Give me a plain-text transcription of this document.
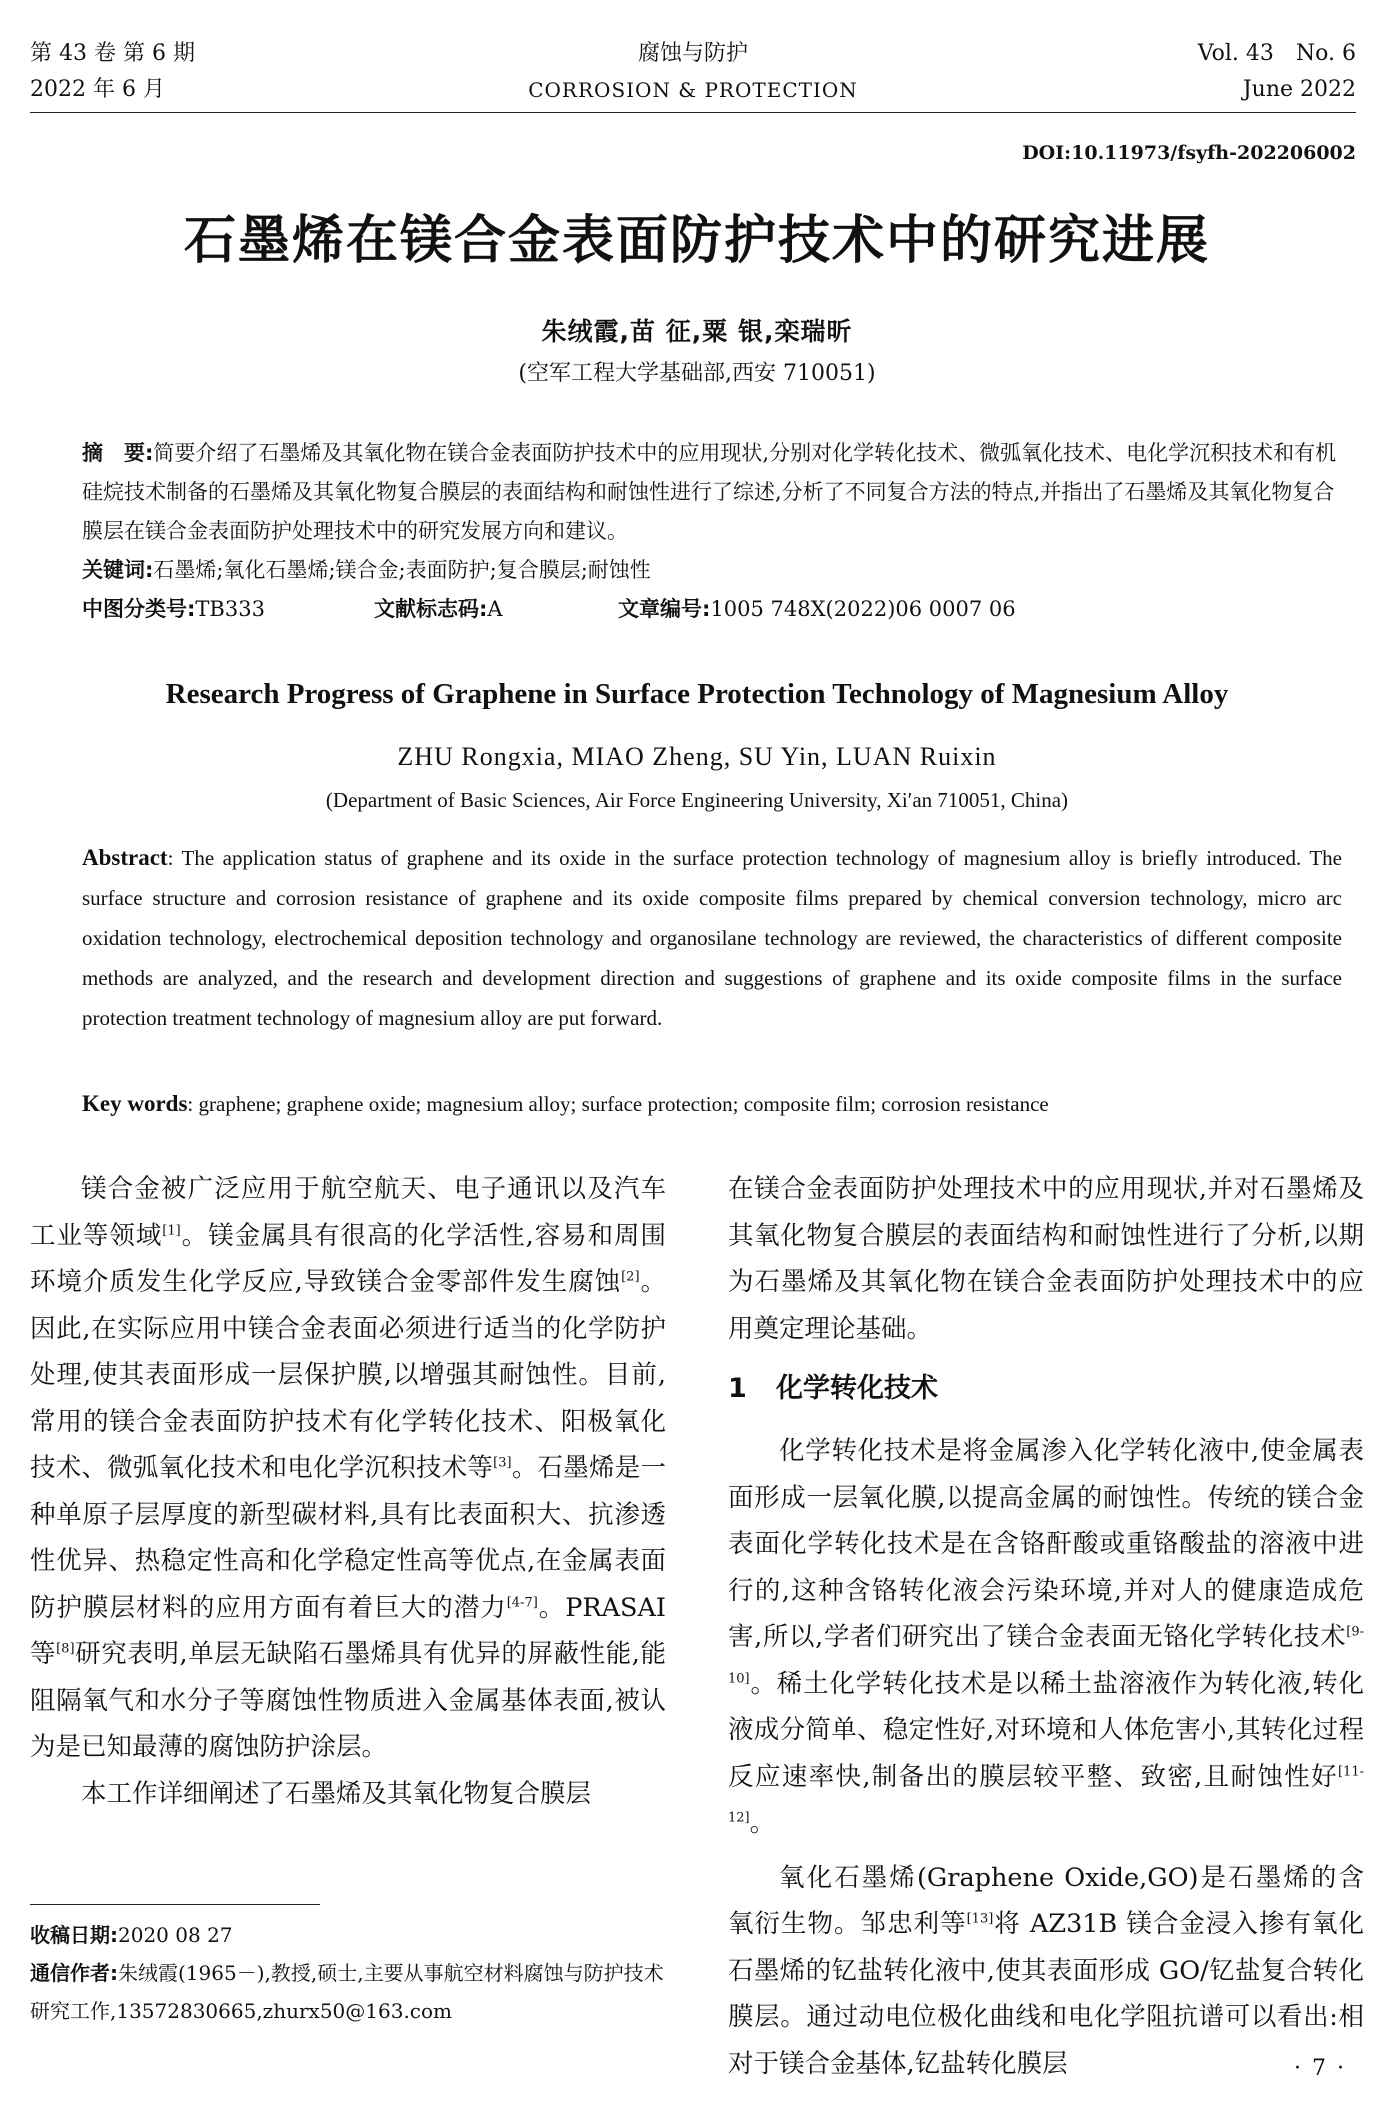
第 43 卷 第 6 期
2022 年 6 月
腐蚀与防护
CORROSION & PROTECTION
Vol. 43　No. 6
June 2022
DOI:10.11973/fsyfh-202206002
石墨烯在镁合金表面防护技术中的研究进展
朱绒霞,苗 征,粟 银,栾瑞昕
(空军工程大学基础部,西安 710051)

摘　要:简要介绍了石墨烯及其氧化物在镁合金表面防护技术中的应用现状,分别对化学转化技术、微弧氧化技术、电化学沉积技术和有机硅烷技术制备的石墨烯及其氧化物复合膜层的表面结构和耐蚀性进行了综述,分析了不同复合方法的特点,并指出了石墨烯及其氧化物复合膜层在镁合金表面防护处理技术中的研究发展方向和建议。

关键词:石墨烯;氧化石墨烯;镁合金;表面防护;复合膜层;耐蚀性

中图分类号:TB333	文献标志码:A	文章编号:1005 748X(2022)06 0007 06

Research Progress of Graphene in Surface Protection Technology of Magnesium Alloy
ZHU Rongxia, MIAO Zheng, SU Yin, LUAN Ruixin
(Department of Basic Sciences, Air Force Engineering University, Xi′an 710051, China)
Abstract: The application status of graphene and its oxide in the surface protection technology of magnesium alloy is briefly introduced. The surface structure and corrosion resistance of graphene and its oxide composite films prepared by chemical conversion technology, micro arc oxidation technology, electrochemical deposition technology and organosilane technology are reviewed, the characteristics of different composite methods are analyzed, and the research and development direction and suggestions of graphene and its oxide composite films in the surface protection treatment technology of magnesium alloy are put forward.
Key words: graphene; graphene oxide; magnesium alloy; surface protection; composite film; corrosion resistance

镁合金被广泛应用于航空航天、电子通讯以及汽车工业等领域[1]。镁金属具有很高的化学活性,容易和周围环境介质发生化学反应,导致镁合金零部件发生腐蚀[2]。因此,在实际应用中镁合金表面必须进行适当的化学防护处理,使其表面形成一层保护膜,以增强其耐蚀性。目前,常用的镁合金表面防护技术有化学转化技术、阳极氧化技术、微弧氧化技术和电化学沉积技术等[3]。石墨烯是一种单原子层厚度的新型碳材料,具有比表面积大、抗渗透性优异、热稳定性高和化学稳定性高等优点,在金属表面防护膜层材料的应用方面有着巨大的潜力[4-7]。PRASAI 等[8]研究表明,单层无缺陷石墨烯具有优异的屏蔽性能,能阻隔氧气和水分子等腐蚀性物质进入金属基体表面,被认为是已知最薄的腐蚀防护涂层。

本工作详细阐述了石墨烯及其氧化物复合膜层

在镁合金表面防护处理技术中的应用现状,并对石墨烯及其氧化物复合膜层的表面结构和耐蚀性进行了分析,以期为石墨烯及其氧化物在镁合金表面防护处理技术中的应用奠定理论基础。

1 化学转化技术

化学转化技术是将金属渗入化学转化液中,使金属表面形成一层氧化膜,以提高金属的耐蚀性。传统的镁合金表面化学转化技术是在含铬酐酸或重铬酸盐的溶液中进行的,这种含铬转化液会污染环境,并对人的健康造成危害,所以,学者们研究出了镁合金表面无铬化学转化技术[9-10]。稀土化学转化技术是以稀土盐溶液作为转化液,转化液成分简单、稳定性好,对环境和人体危害小,其转化过程反应速率快,制备出的膜层较平整、致密,且耐蚀性好[11-12]。

氧化石墨烯(Graphene Oxide,GO)是石墨烯的含氧衍生物。邹忠利等[13]将 AZ31B 镁合金浸入掺有氧化石墨烯的钇盐转化液中,使其表面形成 GO/钇盐复合转化膜层。通过动电位极化曲线和电化学阻抗谱可以看出:相对于镁合金基体,钇盐转化膜层

收稿日期:2020 08 27

通信作者:朱绒霞(1965－),教授,硕士,主要从事航空材料腐蚀与防护技术研究工作,13572830665,zhurx50@163.com

· 7 ·
